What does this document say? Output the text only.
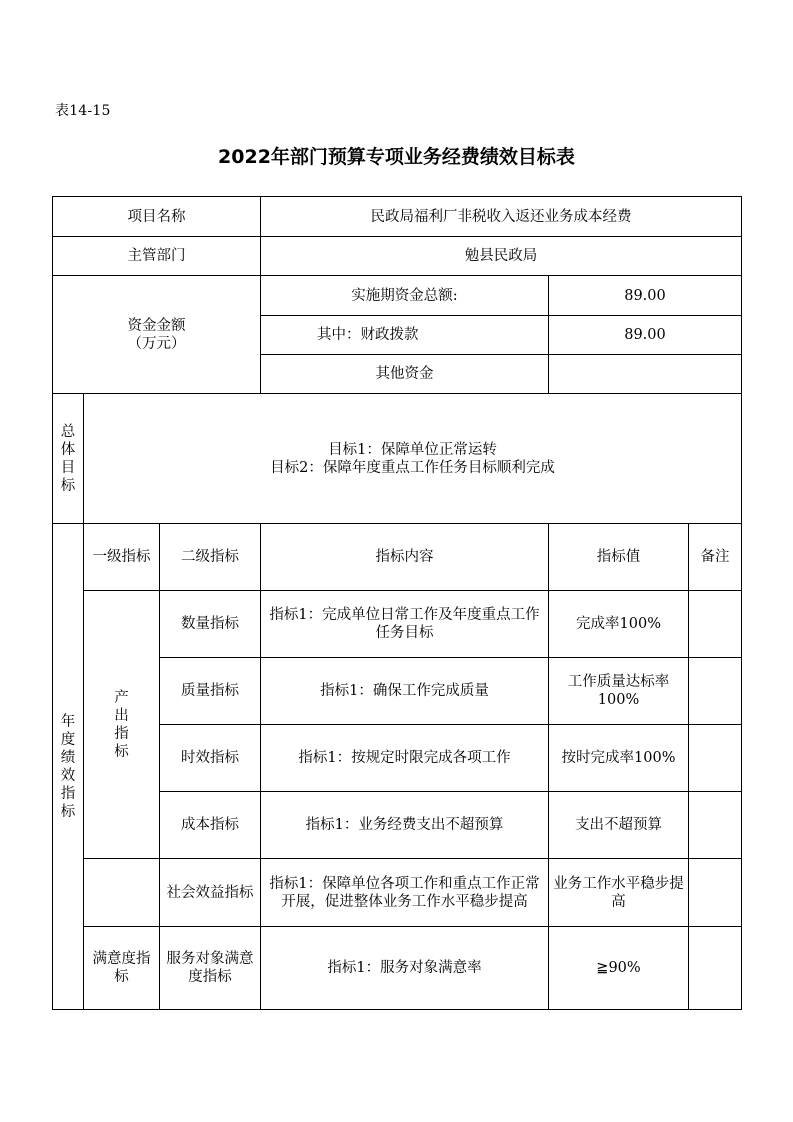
表14-15
2022年部门预算专项业务经费绩效目标表
项目名称			民政局福利厂非税收入返还业务成本经费		
主管部门			勉县民政局		

资金金额
（万元）			实施期资金总额:	89.00	
			其中：财政拨款	89.00	
			其他资金		
总体目标	目标1：保障单位正常运转
目标2：保障年度重点工作任务目标顺利完成				

年度绩效指标	一级指标	二级指标	指标内容	指标值	备注
	产出指标	数量指标	指标1：完成单位日常工作及年度重点工作任务目标	完成率100%	
		质量指标	指标1：确保工作完成质量	工作质量达标率100%	
		时效指标	指标1：按规定时限完成各项工作	按时完成率100%	
		成本指标	指标1：业务经费支出不超预算	支出不超预算	
		社会效益指标	指标1：保障单位各项工作和重点工作正常开展，促进整体业务工作水平稳步提高	业务工作水平稳步提高	
	满意度指标	服务对象满意度指标	指标1：服务对象满意率	≧90%	
